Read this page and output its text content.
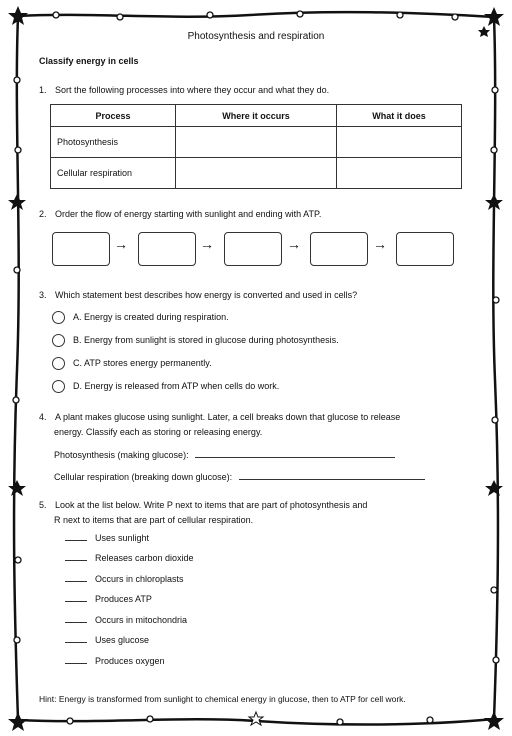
Photosynthesis and respiration
Classify energy in cells
1. Sort the following processes into where they occur and what they do.
Process	Where it occurs	What it does
Photosynthesis		
Cellular respiration		
2. Order the flow of energy starting with sunlight and ending with ATP.
→	→	→	→
3. Which statement best describes how energy is converted and used in cells?
A. Energy is created during respiration.
B. Energy from sunlight is stored in glucose during photosynthesis.
C. ATP stores energy permanently.
D. Energy is released from ATP when cells do work.
4. A plant makes glucose using sunlight. Later, a cell breaks down that glucose to release
energy. Classify each as storing or releasing energy.
Photosynthesis (making glucose):
Cellular respiration (breaking down glucose):
5. Look at the list below. Write P next to items that are part of photosynthesis and
R next to items that are part of cellular respiration.
Uses sunlight
Releases carbon dioxide
Occurs in chloroplasts
Produces ATP
Occurs in mitochondria
Uses glucose
Produces oxygen
Hint: Energy is transformed from sunlight to chemical energy in glucose, then to ATP for cell work.
